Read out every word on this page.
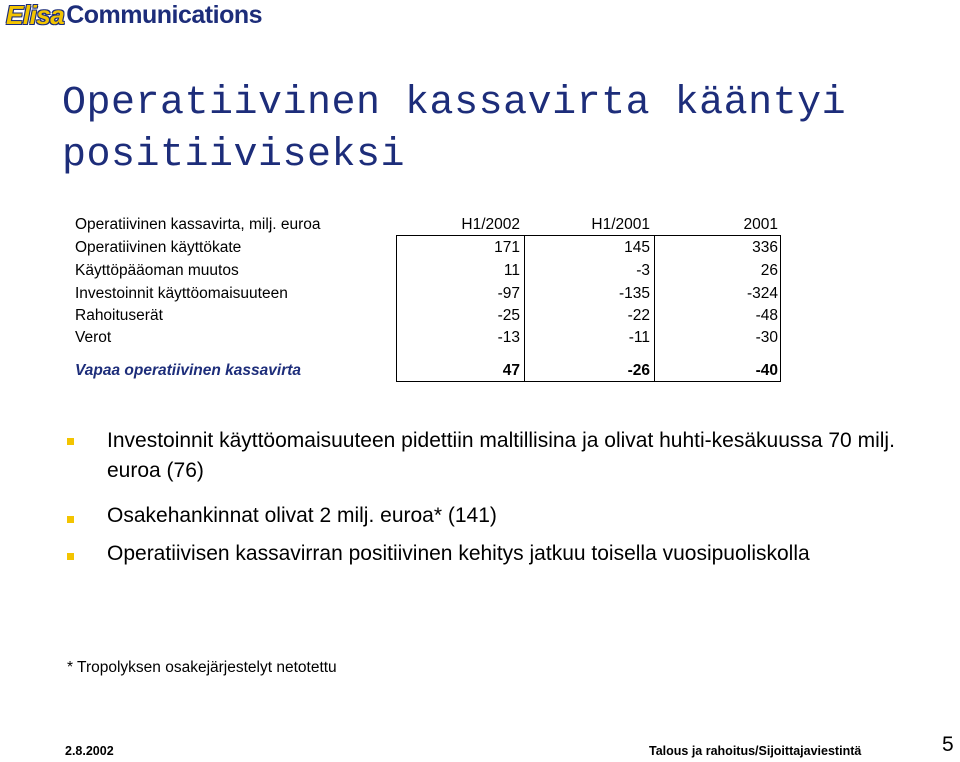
Elisa Communications
Operatiivinen kassavirta kääntyi positiiviseksi
Operatiivinen kassavirta, milj. euroa	H1/2002	H1/2001	2001
Operatiivinen käyttökate	171	145	336
Käyttöpääoman muutos	11	-3	26
Investoinnit käyttöomaisuuteen	-97	-135	-324
Rahoituserät	-25	-22	-48
Verot	-13	-11	-30
Vapaa operatiivinen kassavirta	47	-26	-40
Investoinnit käyttöomaisuuteen pidettiin maltillisina ja olivat huhti-kesäkuussa 70 milj. euroa (76)
Osakehankinnat olivat 2 milj. euroa* (141)
Operatiivisen kassavirran positiivinen kehitys jatkuu toisella vuosipuoliskolla
* Tropolyksen osakejärjestelyt netotettu
2.8.2002	Talous ja rahoitus/Sijoittajaviestintä	5
